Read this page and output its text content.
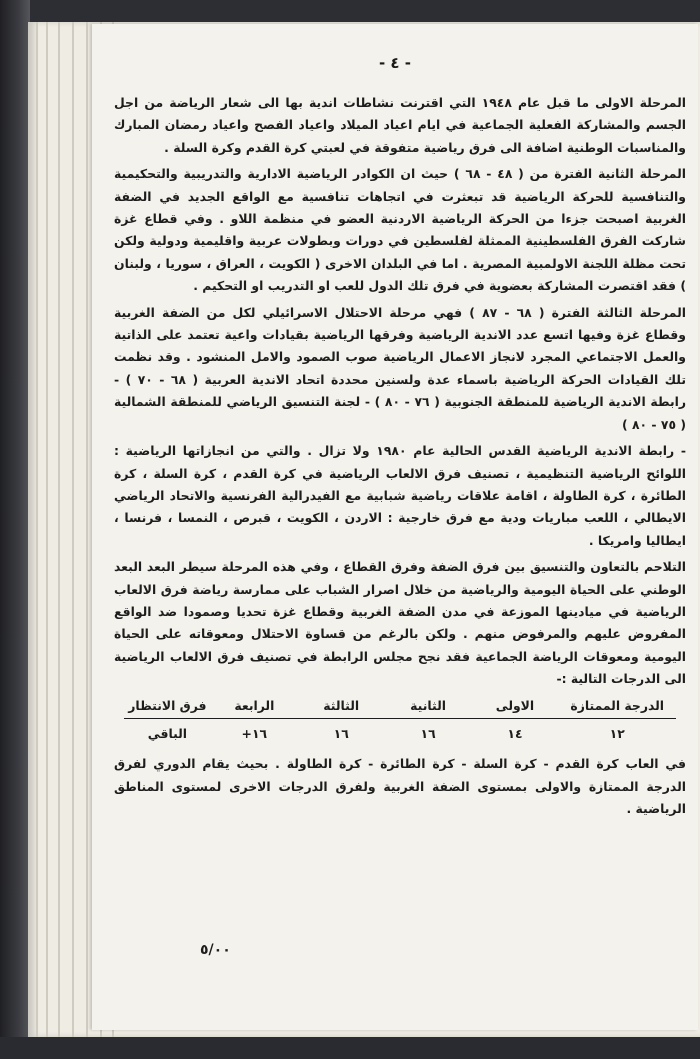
- ٤ -

المرحلة الاولى ما قبل عام ١٩٤٨ التي اقترنت نشاطات اندية بها الى شعار الرياضة من اجل الجسم والمشاركة الفعلية الجماعية في ايام اعياد الميلاد واعياد الفصح واعياد رمضان المبارك والمناسبات الوطنية اضافة الى فرق رياضية متفوقة في لعبتي كرة القدم وكرة السلة .

المرحلة الثانية الفترة من ( ٤٨ - ٦٨ ) حيث ان الكوادر الرياضية الادارية والتدريبية والتحكيمية والتنافسية للحركة الرياضية قد تبعثرت في اتجاهات تنافسية مع الواقع الجديد في الضفة الغربية اصبحت جزءا من الحركة الرياضية الاردنية العضو في منظمة اللاو . وفي قطاع غزة شاركت الفرق الفلسطينية الممثلة لفلسطين في دورات وبطولات عربية واقليمية ودولية ولكن تحت مظلة اللجنة الاولمبية المصرية . اما في البلدان الاخرى ( الكويت ، العراق ، سوريا ، ولبنان ) فقد اقتصرت المشاركة بعضوية في فرق تلك الدول للعب او التدريب او التحكيم .

المرحلة الثالثة الفترة ( ٦٨ - ٨٧ ) فهي مرحلة الاحتلال الاسرائيلي لكل من الضفة الغربية وقطاع غزة وفيها اتسع عدد الاندية الرياضية وفرقها الرياضية بقيادات واعية تعتمد على الذاتية والعمل الاجتماعي المجرد لانجاز الاعمال الرياضية صوب الصمود والامل المنشود . وقد نظمت تلك القيادات الحركة الرياضية باسماء عدة ولسنين محددة اتحاد الاندية العربية ( ٦٨ - ٧٠ ) - رابطة الاندية الرياضية للمنطقة الجنوبية ( ٧٦ - ٨٠ ) - لجنة التنسيق الرياضي للمنطقة الشمالية ( ٧٥ - ٨٠ )

- رابطة الاندية الرياضية القدس الحالية عام ١٩٨٠ ولا تزال . والتي من انجازاتها الرياضية : اللوائح الرياضية التنظيمية ، تصنيف فرق الالعاب الرياضية في كرة القدم ، كرة السلة ، كرة الطائرة ، كرة الطاولة ، اقامة علاقات رياضية شبابية مع الفيدرالية الفرنسية والاتحاد الرياضي الايطالي ، اللعب مباريات ودية مع فرق خارجية : الاردن ، الكويت ، قبرص ، النمسا ، فرنسا ، ايطاليا وامريكا .

التلاحم بالتعاون والتنسيق بين فرق الضفة وفرق القطاع ، وفي هذه المرحلة سيطر البعد البعد الوطني على الحياة اليومية والرياضية من خلال اصرار الشباب على ممارسة رياضة فرق الالعاب الرياضية في ميادينها الموزعة في مدن الضفة الغربية وقطاع غزة تحديا وصمودا ضد الواقع المفروض عليهم والمرفوض منهم . ولكن بالرغم من قساوة الاحتلال ومعوقاته على الحياة اليومية ومعوقات الرياضة الجماعية فقد نجح مجلس الرابطة في تصنيف فرق الالعاب الرياضية الى الدرجات التالية :-

الدرجة الممتازة
١٢
الاولى
١٤
الثانية
١٦
الثالثة
١٦
الرابعة
١٦+
فرق الانتظار
الباقي

في العاب كرة القدم - كرة السلة - كرة الطائرة - كرة الطاولة . بحيث يقام الدوري لفرق الدرجة الممتازة والاولى بمستوى الضفة الغربية ولفرق الدرجات الاخرى لمستوى المناطق الرياضية .

٥/٠٠
